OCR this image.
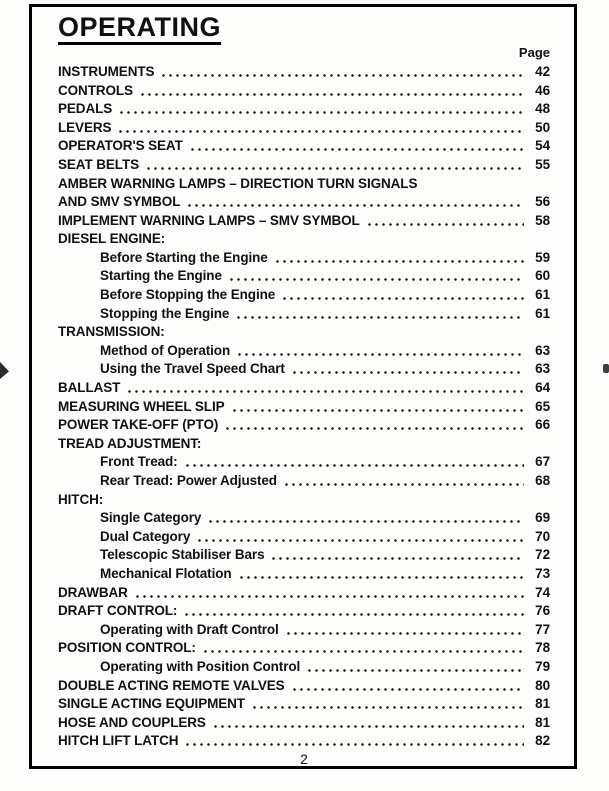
OPERATING
Page
INSTRUMENTS	42
CONTROLS	46
PEDALS	48
LEVERS	50
OPERATOR'S SEAT	54
SEAT BELTS	55
AMBER WARNING LAMPS – DIRECTION TURN SIGNALS
AND SMV SYMBOL	56
IMPLEMENT WARNING LAMPS – SMV SYMBOL	58
DIESEL ENGINE:
Before Starting the Engine	59
Starting the Engine	60
Before Stopping the Engine	61
Stopping the Engine	61
TRANSMISSION:
Method of Operation	63
Using the Travel Speed Chart	63
BALLAST	64
MEASURING WHEEL SLIP	65
POWER TAKE-OFF (PTO)	66
TREAD ADJUSTMENT:
Front Tread:	67
Rear Tread: Power Adjusted	68
HITCH:
Single Category	69
Dual Category	70
Telescopic Stabiliser Bars	72
Mechanical Flotation	73
DRAWBAR	74
DRAFT CONTROL:	76
Operating with Draft Control	77
POSITION CONTROL:	78
Operating with Position Control	79
DOUBLE ACTING REMOTE VALVES	80
SINGLE ACTING EQUIPMENT	81
HOSE AND COUPLERS	81
HITCH LIFT LATCH	82
2
